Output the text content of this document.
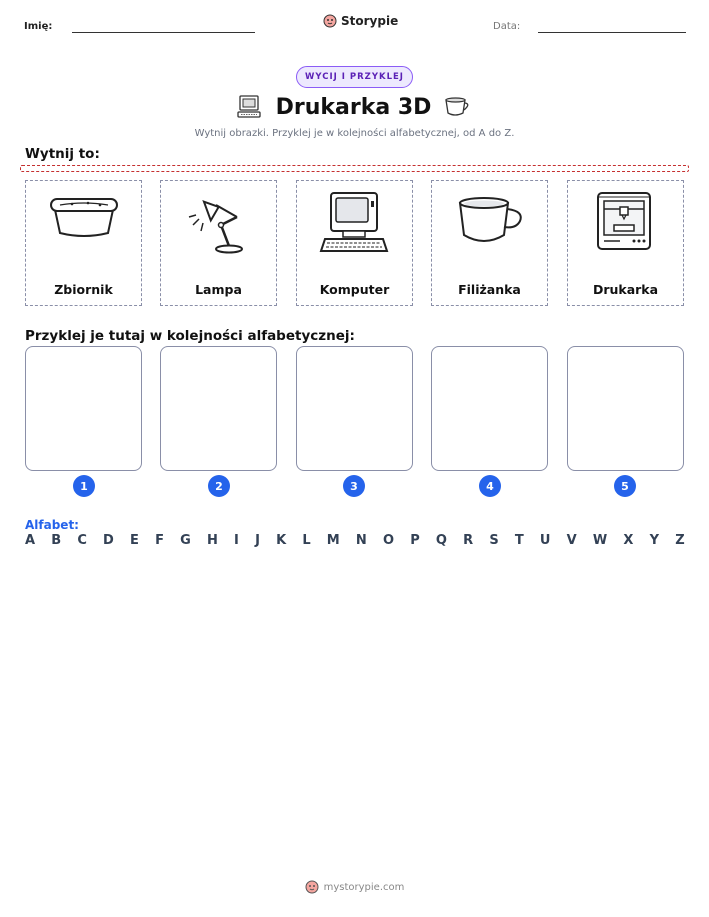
Imię:	Storypie	Data:
WYCIJ I PRZYKLEJ
Drukarka 3D
Wytnij obrazki. Przyklej je w kolejności alfabetycznej, od A do Z.
Wytnij to:
Zbiornik	Lampa	Komputer	Filiżanka	Drukarka
Przyklej je tutaj w kolejności alfabetycznej:
1	2	3	4	5
Alfabet:
A B C D E F G H I J K L M N O P Q R S T U V W X Y Z
mystorypie.com
